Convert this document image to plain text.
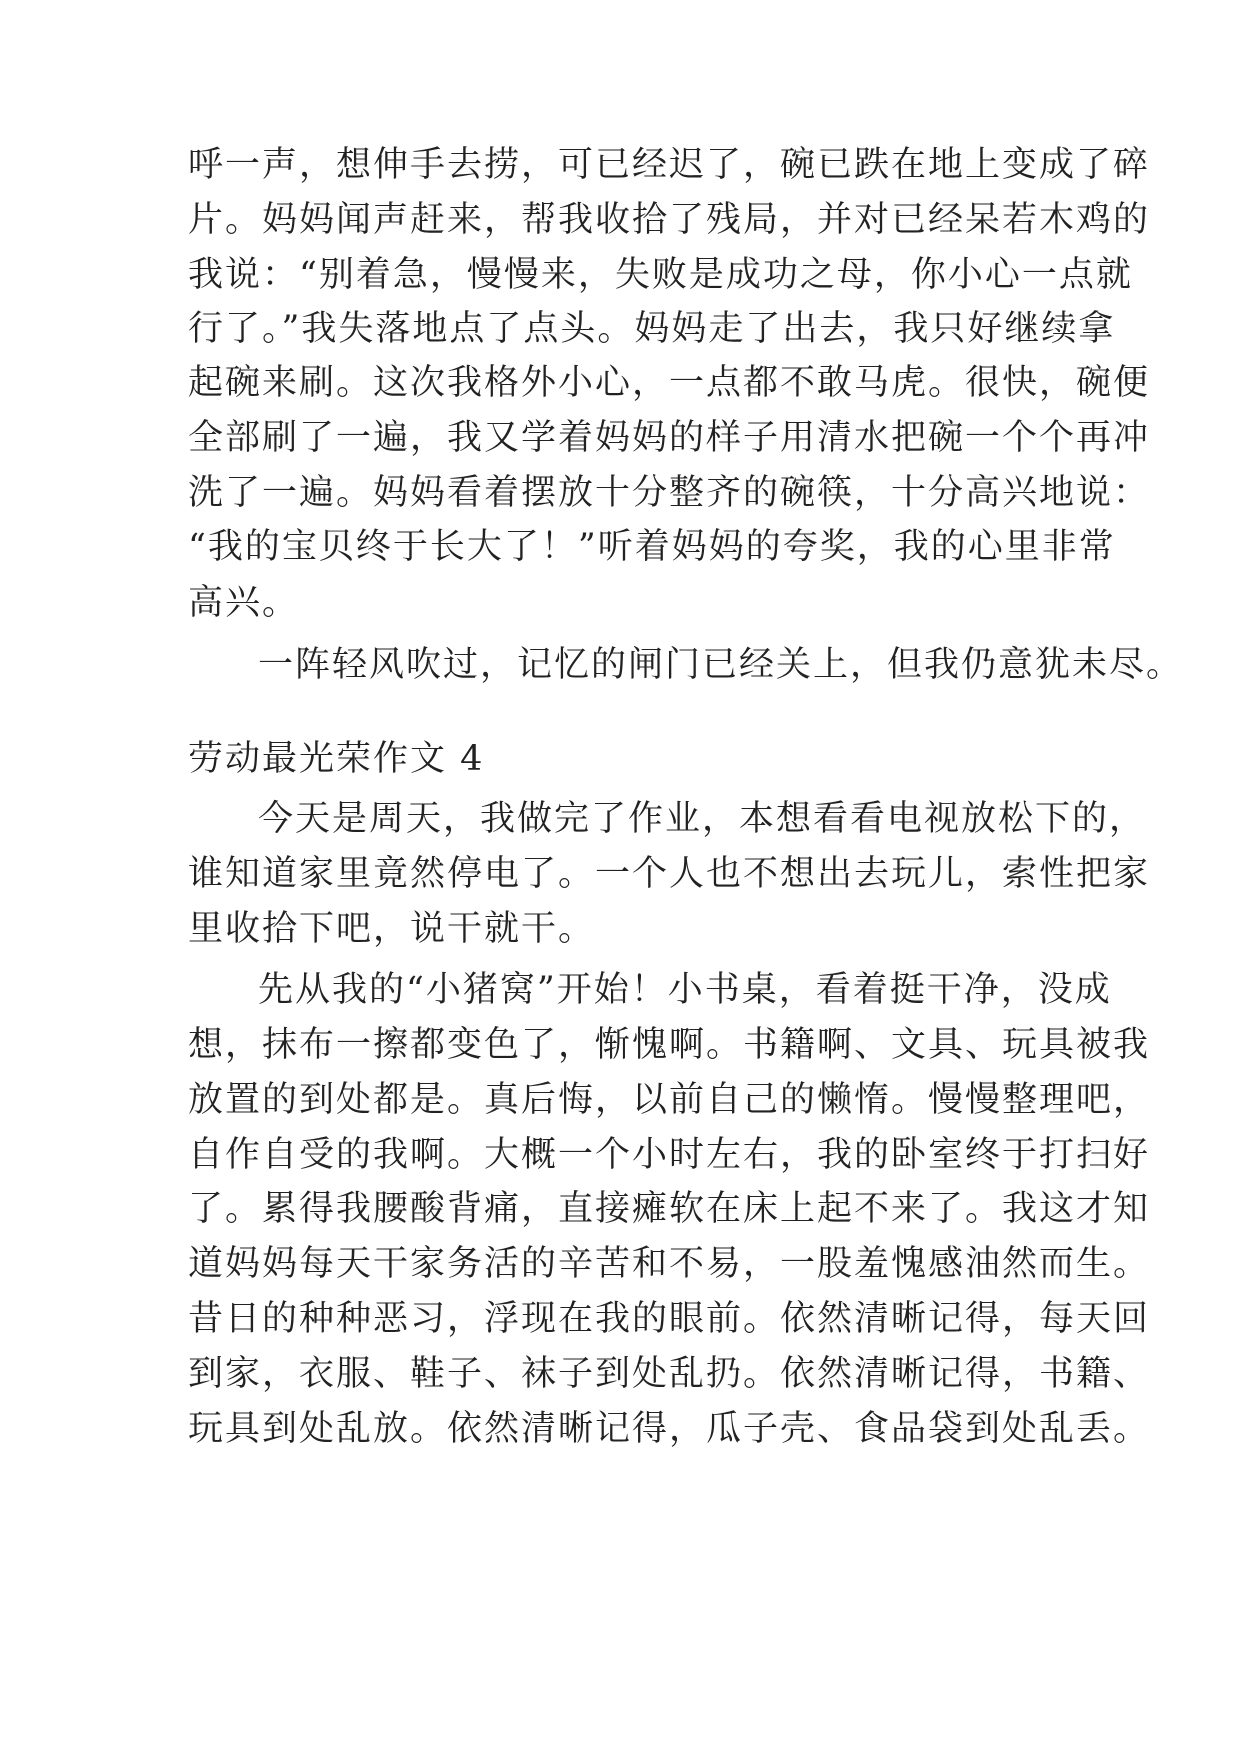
呼一声，想伸手去捞，可已经迟了，碗已跌在地上变成了碎
片。妈妈闻声赶来，帮我收拾了残局，并对已经呆若木鸡的
我说：“别着急，慢慢来，失败是成功之母，你小心一点就
行了。”我失落地点了点头。妈妈走了出去，我只好继续拿
起碗来刷。这次我格外小心，一点都不敢马虎。很快，碗便
全部刷了一遍，我又学着妈妈的样子用清水把碗一个个再冲
洗了一遍。妈妈看着摆放十分整齐的碗筷，十分高兴地说：
“我的宝贝终于长大了！”听着妈妈的夸奖，我的心里非常
高兴。
一阵轻风吹过，记忆的闸门已经关上，但我仍意犹未尽。
劳动最光荣作文 4
今天是周天，我做完了作业，本想看看电视放松下的，
谁知道家里竟然停电了。一个人也不想出去玩儿，索性把家
里收拾下吧，说干就干。
先从我的“小猪窝”开始！小书桌，看着挺干净，没成
想，抹布一擦都变色了，惭愧啊。书籍啊、文具、玩具被我
放置的到处都是。真后悔，以前自己的懒惰。慢慢整理吧，
自作自受的我啊。大概一个小时左右，我的卧室终于打扫好
了。累得我腰酸背痛，直接瘫软在床上起不来了。我这才知
道妈妈每天干家务活的辛苦和不易，一股羞愧感油然而生。
昔日的种种恶习，浮现在我的眼前。依然清晰记得，每天回
到家，衣服、鞋子、袜子到处乱扔。依然清晰记得，书籍、
玩具到处乱放。依然清晰记得，瓜子壳、食品袋到处乱丢。
